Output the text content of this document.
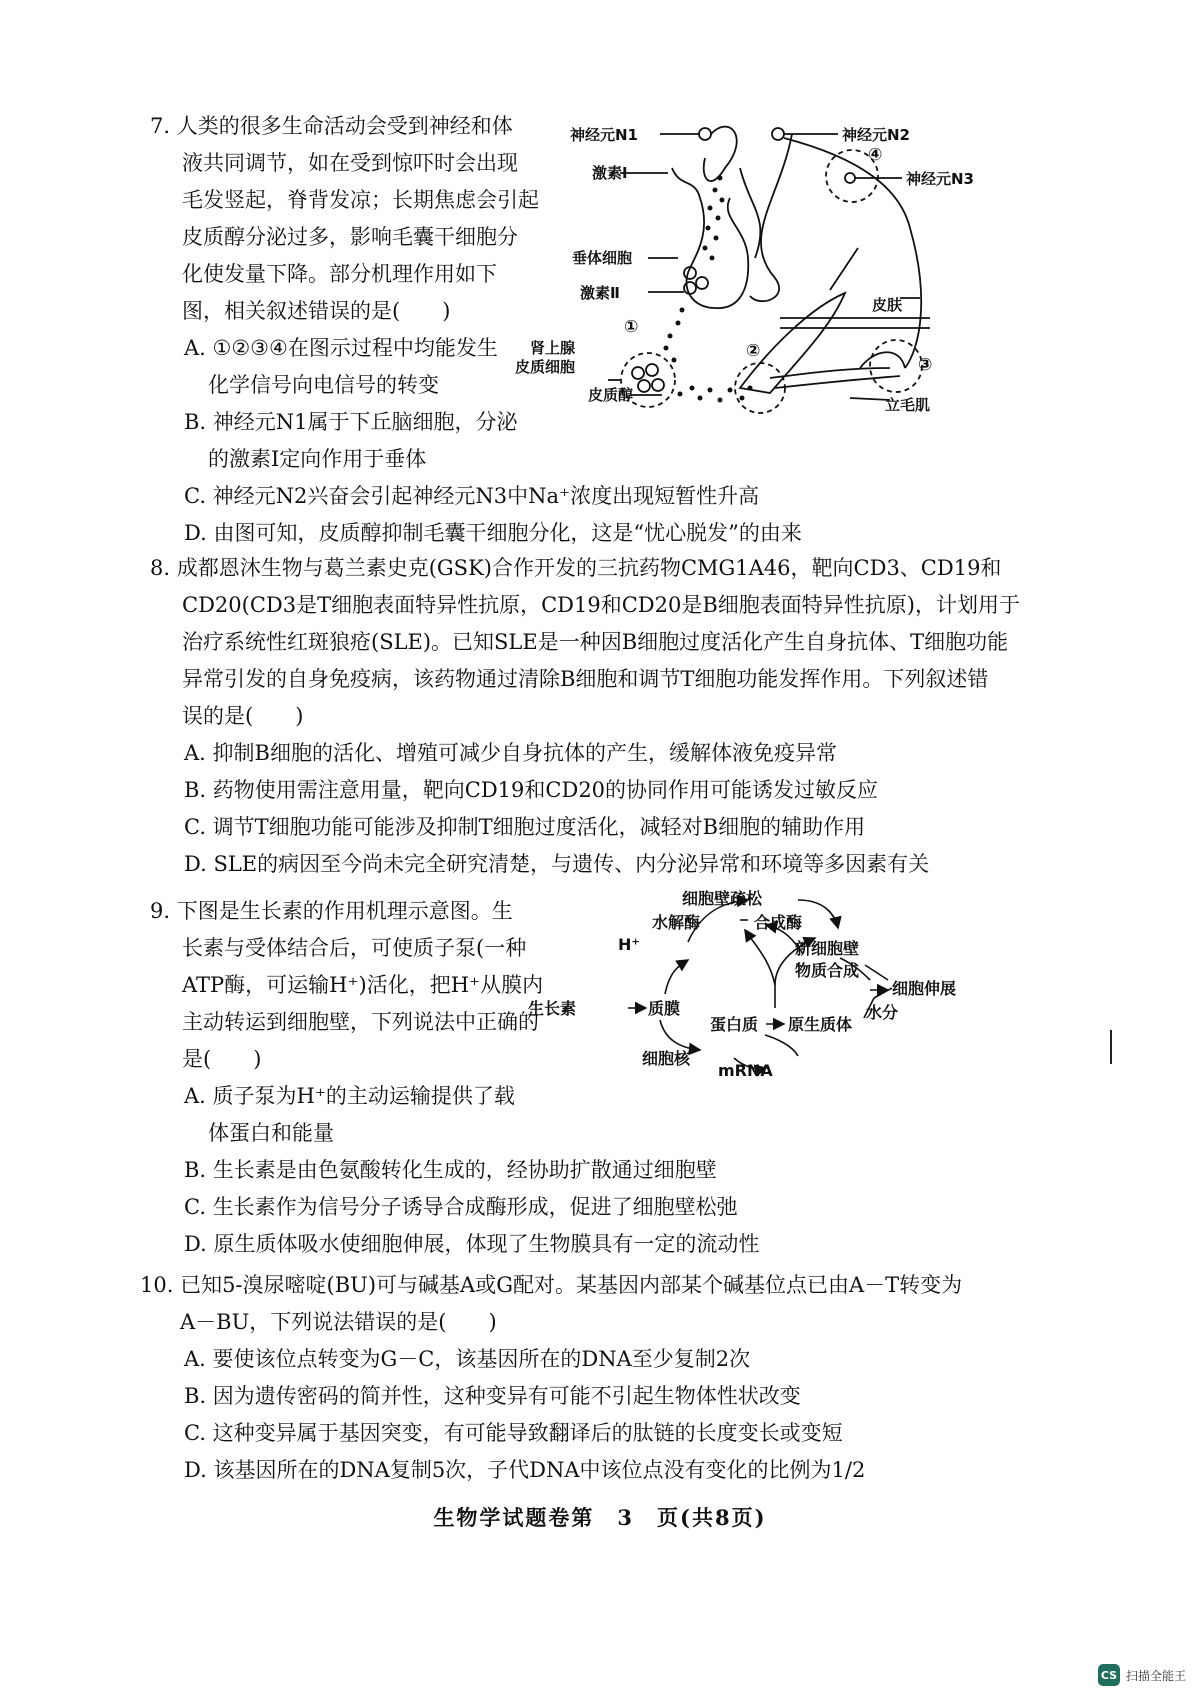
7. 人类的很多生命活动会受到神经和体

液共同调节，如在受到惊吓时会出现

毛发竖起，脊背发凉；长期焦虑会引起

皮质醇分泌过多，影响毛囊干细胞分

化使发量下降。部分机理作用如下

图，相关叙述错误的是(　　)

A. ①②③④在图示过程中均能发生

化学信号向电信号的转变

B. 神经元N1属于下丘脑细胞，分泌

的激素Ⅰ定向作用于垂体

C. 神经元N2兴奋会引起神经元N3中Na⁺浓度出现短暂性升高

D. 由图可知，皮质醇抑制毛囊干细胞分化，这是“忧心脱发”的由来

神经元N1
激素Ⅰ
垂体细胞
激素Ⅱ
肾上腺
皮质细胞
皮质醇
神经元N2
神经元N3
皮肤
立毛肌
①
②
③
④

8. 成都恩沐生物与葛兰素史克(GSK)合作开发的三抗药物CMG1A46，靶向CD3、CD19和

CD20(CD3是T细胞表面特异性抗原，CD19和CD20是B细胞表面特异性抗原)，计划用于

治疗系统性红斑狼疮(SLE)。已知SLE是一种因B细胞过度活化产生自身抗体、T细胞功能

异常引发的自身免疫病，该药物通过清除B细胞和调节T细胞功能发挥作用。下列叙述错

误的是(　　)

A. 抑制B细胞的活化、增殖可减少自身抗体的产生，缓解体液免疫异常

B. 药物使用需注意用量，靶向CD19和CD20的协同作用可能诱发过敏反应

C. 调节T细胞功能可能涉及抑制T细胞过度活化，减轻对B细胞的辅助作用

D. SLE的病因至今尚未完全研究清楚，与遗传、内分泌异常和环境等多因素有关

9. 下图是生长素的作用机理示意图。生

长素与受体结合后，可使质子泵(一种

ATP酶，可运输H⁺)活化，把H⁺从膜内

主动转运到细胞壁，下列说法中正确的

是(　　)

A. 质子泵为H⁺的主动运输提供了载

体蛋白和能量

B. 生长素是由色氨酸转化生成的，经协助扩散通过细胞壁

C. 生长素作为信号分子诱导合成酶形成，促进了细胞壁松弛

D. 原生质体吸水使细胞伸展，体现了生物膜具有一定的流动性

细胞壁疏松
水解酶	合成酶
H⁺	新细胞壁
物质合成
生长素	质膜
细胞伸展
水分
蛋白质 原生质体
细胞核
mRNA

10. 已知5-溴尿嘧啶(BU)可与碱基A或G配对。某基因内部某个碱基位点已由A－T转变为

A－BU，下列说法错误的是(　　)

A. 要使该位点转变为G－C，该基因所在的DNA至少复制2次

B. 因为遗传密码的简并性，这种变异有可能不引起生物体性状改变

C. 这种变异属于基因突变，有可能导致翻译后的肽链的长度变长或变短

D. 该基因所在的DNA复制5次，子代DNA中该位点没有变化的比例为1/2

生物学试题卷第　3　页(共8页)
CS 扫描全能王
